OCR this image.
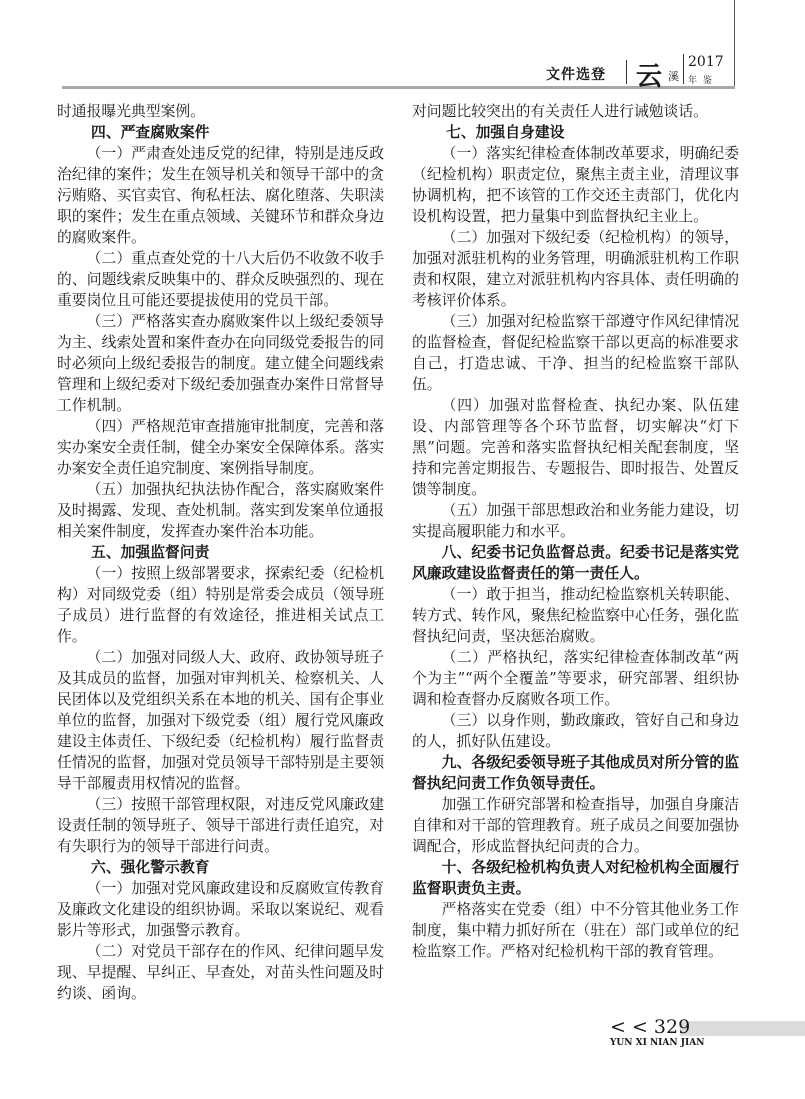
文件选登 云 溪
2017
年鉴

时通报曝光典型案例。

四、严查腐败案件

（一）严肃查处违反党的纪律，特别是违反政治纪律的案件；发生在领导机关和领导干部中的贪污贿赂、买官卖官、徇私枉法、腐化堕落、失职渎职的案件；发生在重点领域、关键环节和群众身边的腐败案件。

（二）重点查处党的十八大后仍不收敛不收手的、问题线索反映集中的、群众反映强烈的、现在重要岗位且可能还要提拔使用的党员干部。

（三）严格落实查办腐败案件以上级纪委领导为主、线索处置和案件查办在向同级党委报告的同时必须向上级纪委报告的制度。建立健全问题线索管理和上级纪委对下级纪委加强查办案件日常督导工作机制。

（四）严格规范审查措施审批制度，完善和落实办案安全责任制，健全办案安全保障体系。落实办案安全责任追究制度、案例指导制度。

（五）加强执纪执法协作配合，落实腐败案件及时揭露、发现、查处机制。落实到发案单位通报相关案件制度，发挥查办案件治本功能。

五、加强监督问责

（一）按照上级部署要求，探索纪委（纪检机构）对同级党委（组）特别是常委会成员（领导班子成员）进行监督的有效途径，推进相关试点工作。

（二）加强对同级人大、政府、政协领导班子及其成员的监督，加强对审判机关、检察机关、人民团体以及党组织关系在本地的机关、国有企事业单位的监督，加强对下级党委（组）履行党风廉政建设主体责任、下级纪委（纪检机构）履行监督责任情况的监督，加强对党员领导干部特别是主要领导干部履责用权情况的监督。

（三）按照干部管理权限，对违反党风廉政建设责任制的领导班子、领导干部进行责任追究，对有失职行为的领导干部进行问责。

六、强化警示教育

（一）加强对党风廉政建设和反腐败宣传教育及廉政文化建设的组织协调。采取以案说纪、观看影片等形式，加强警示教育。

（二）对党员干部存在的作风、纪律问题早发现、早提醒、早纠正、早查处，对苗头性问题及时约谈、函询。

对问题比较突出的有关责任人进行诫勉谈话。

七、加强自身建设

（一）落实纪律检查体制改革要求，明确纪委（纪检机构）职责定位，聚焦主责主业，清理议事协调机构，把不该管的工作交还主责部门，优化内设机构设置，把力量集中到监督执纪主业上。

（二）加强对下级纪委（纪检机构）的领导，加强对派驻机构的业务管理，明确派驻机构工作职责和权限，建立对派驻机构内容具体、责任明确的考核评价体系。

（三）加强对纪检监察干部遵守作风纪律情况的监督检查，督促纪检监察干部以更高的标准要求自己，打造忠诚、干净、担当的纪检监察干部队伍。

（四）加强对监督检查、执纪办案、队伍建设、内部管理等各个环节监督，切实解决“灯下黑”问题。完善和落实监督执纪相关配套制度，坚持和完善定期报告、专题报告、即时报告、处置反馈等制度。

（五）加强干部思想政治和业务能力建设，切实提高履职能力和水平。

八、纪委书记负监督总责。纪委书记是落实党风廉政建设监督责任的第一责任人。

（一）敢于担当，推动纪检监察机关转职能、转方式、转作风，聚焦纪检监察中心任务，强化监督执纪问责，坚决惩治腐败。

（二）严格执纪，落实纪律检查体制改革“两个为主”“两个全覆盖”等要求，研究部署、组织协调和检查督办反腐败各项工作。

（三）以身作则，勤政廉政，管好自己和身边的人，抓好队伍建设。

九、各级纪委领导班子其他成员对所分管的监督执纪问责工作负领导责任。

加强工作研究部署和检查指导，加强自身廉洁自律和对干部的管理教育。班子成员之间要加强协调配合，形成监督执纪问责的合力。

十、各级纪检机构负责人对纪检机构全面履行监督职责负主责。

严格落实在党委（组）中不分管其他业务工作制度，集中精力抓好所在（驻在）部门或单位的纪检监察工作。严格对纪检机构干部的教育管理。

< < 329
YUN XI NIAN JIAN
